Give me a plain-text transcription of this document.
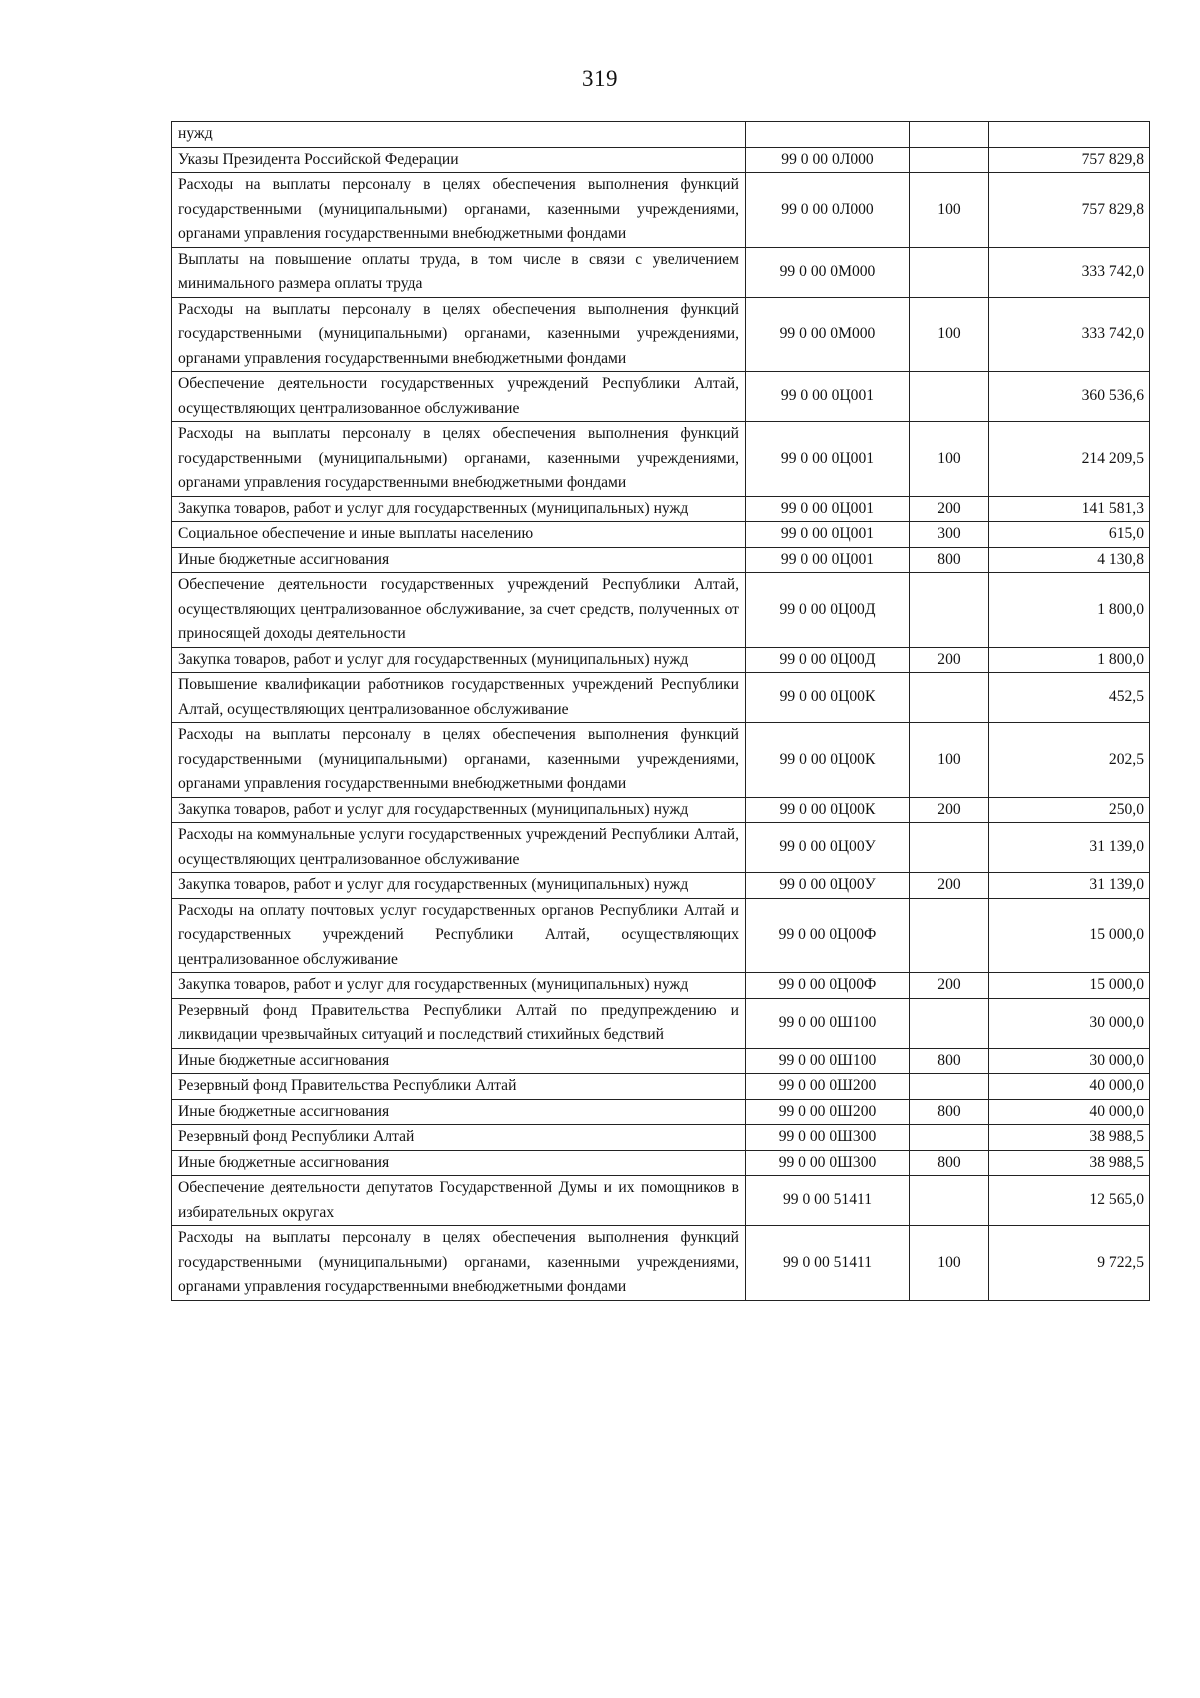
319
нужд			
Указы Президента Российской Федерации	99 0 00 0Л000		757 829,8
Расходы на выплаты персоналу в целях обеспечения выполнения функций государственными (муниципальными) органами, казенными учреждениями, органами управления государственными внебюджетными фондами	99 0 00 0Л000	100	757 829,8
Выплаты на повышение оплаты труда, в том числе в связи с увеличением минимального размера оплаты труда	99 0 00 0М000		333 742,0
Расходы на выплаты персоналу в целях обеспечения выполнения функций государственными (муниципальными) органами, казенными учреждениями, органами управления государственными внебюджетными фондами	99 0 00 0М000	100	333 742,0
Обеспечение деятельности государственных учреждений Республики Алтай, осуществляющих централизованное обслуживание	99 0 00 0Ц001		360 536,6
Расходы на выплаты персоналу в целях обеспечения выполнения функций государственными (муниципальными) органами, казенными учреждениями, органами управления государственными внебюджетными фондами	99 0 00 0Ц001	100	214 209,5
Закупка товаров, работ и услуг для государственных (муниципальных) нужд	99 0 00 0Ц001	200	141 581,3
Социальное обеспечение и иные выплаты населению	99 0 00 0Ц001	300	615,0
Иные бюджетные ассигнования	99 0 00 0Ц001	800	4 130,8
Обеспечение деятельности государственных учреждений Республики Алтай, осуществляющих централизованное обслуживание, за счет средств, полученных от приносящей доходы деятельности	99 0 00 0Ц00Д		1 800,0
Закупка товаров, работ и услуг для государственных (муниципальных) нужд	99 0 00 0Ц00Д	200	1 800,0
Повышение квалификации работников государственных учреждений Республики Алтай, осуществляющих централизованное обслуживание	99 0 00 0Ц00К		452,5
Расходы на выплаты персоналу в целях обеспечения выполнения функций государственными (муниципальными) органами, казенными учреждениями, органами управления государственными внебюджетными фондами	99 0 00 0Ц00К	100	202,5
Закупка товаров, работ и услуг для государственных (муниципальных) нужд	99 0 00 0Ц00К	200	250,0
Расходы на коммунальные услуги государственных учреждений Республики Алтай, осуществляющих централизованное обслуживание	99 0 00 0Ц00У		31 139,0
Закупка товаров, работ и услуг для государственных (муниципальных) нужд	99 0 00 0Ц00У	200	31 139,0
Расходы на оплату почтовых услуг государственных органов Республики Алтай и государственных учреждений Республики Алтай, осуществляющих централизованное обслуживание	99 0 00 0Ц00Ф		15 000,0
Закупка товаров, работ и услуг для государственных (муниципальных) нужд	99 0 00 0Ц00Ф	200	15 000,0
Резервный фонд Правительства Республики Алтай по предупреждению и ликвидации чрезвычайных ситуаций и последствий стихийных бедствий	99 0 00 0Ш100		30 000,0
Иные бюджетные ассигнования	99 0 00 0Ш100	800	30 000,0
Резервный фонд Правительства Республики Алтай	99 0 00 0Ш200		40 000,0
Иные бюджетные ассигнования	99 0 00 0Ш200	800	40 000,0
Резервный фонд Республики Алтай	99 0 00 0Ш300		38 988,5
Иные бюджетные ассигнования	99 0 00 0Ш300	800	38 988,5
Обеспечение деятельности депутатов Государственной Думы и их помощников в избирательных округах	99 0 00 51411		12 565,0
Расходы на выплаты персоналу в целях обеспечения выполнения функций государственными (муниципальными) органами, казенными учреждениями, органами управления государственными внебюджетными фондами	99 0 00 51411	100	9 722,5
